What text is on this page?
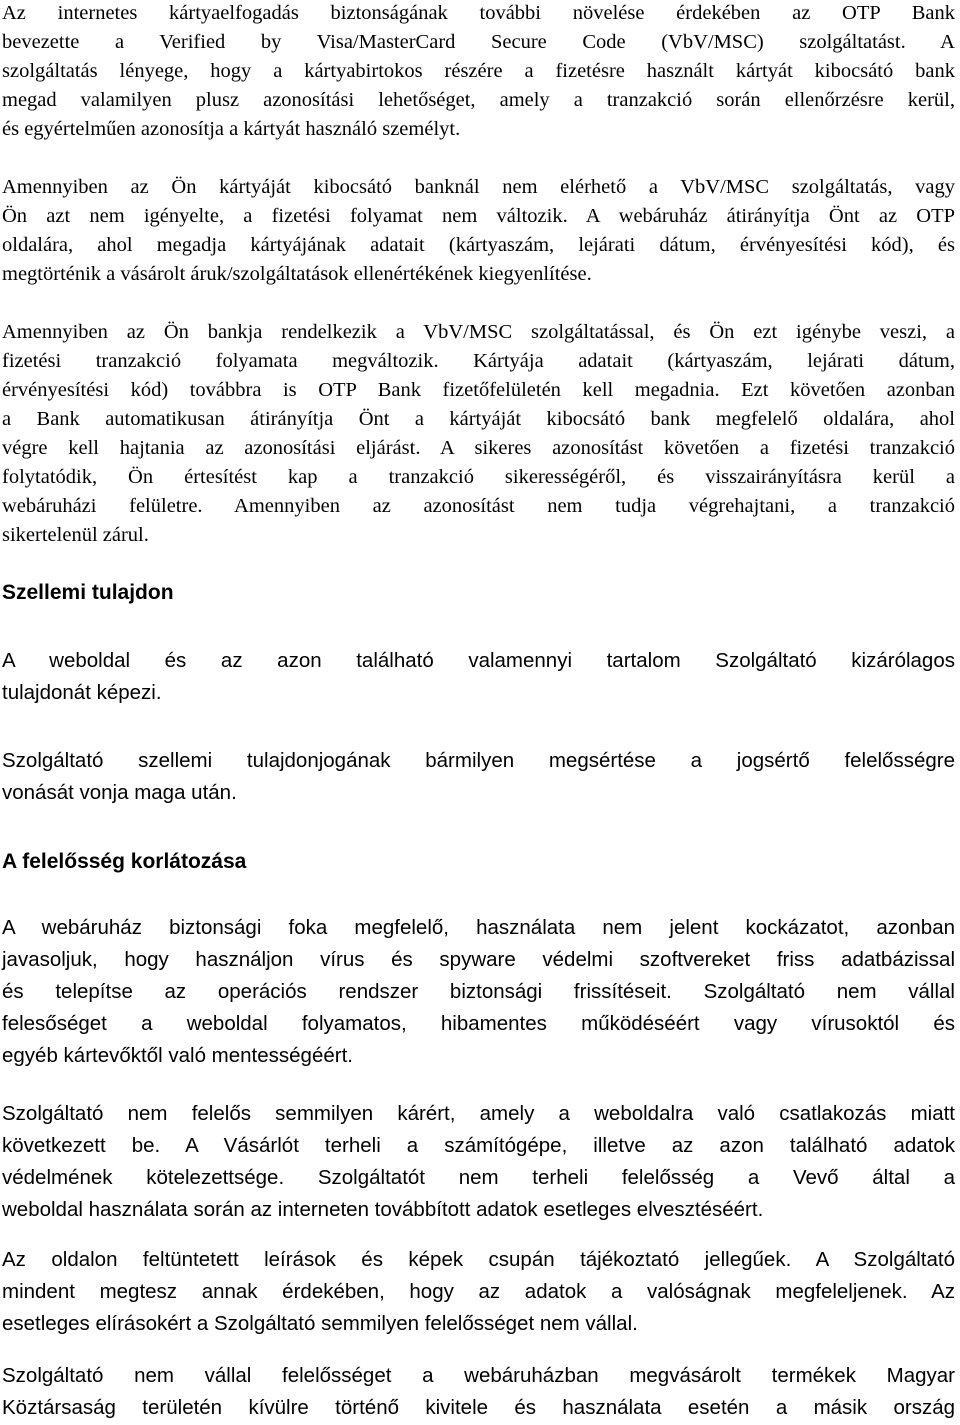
Az internetes kártyaelfogadás biztonságának további növelése érdekében az OTP Bank
bevezette a Verified by Visa/MasterCard Secure Code (VbV/MSC) szolgáltatást. A
szolgáltatás lényege, hogy a kártyabirtokos részére a fizetésre használt kártyát kibocsátó bank
megad valamilyen plusz azonosítási lehetőséget, amely a tranzakció során ellenőrzésre kerül,
és egyértelműen azonosítja a kártyát használó személyt.
Amennyiben az Ön kártyáját kibocsátó banknál nem elérhető a VbV/MSC szolgáltatás, vagy
Ön azt nem igényelte, a fizetési folyamat nem változik. A webáruház átirányítja Önt az OTP
oldalára, ahol megadja kártyájának adatait (kártyaszám, lejárati dátum, érvényesítési kód), és
megtörténik a vásárolt áruk/szolgáltatások ellenértékének kiegyenlítése.
Amennyiben az Ön bankja rendelkezik a VbV/MSC szolgáltatással, és Ön ezt igénybe veszi, a
fizetési tranzakció folyamata megváltozik. Kártyája adatait (kártyaszám, lejárati dátum,
érvényesítési kód) továbbra is OTP Bank fizetőfelületén kell megadnia. Ezt követően azonban
a Bank automatikusan átirányítja Önt a kártyáját kibocsátó bank megfelelő oldalára, ahol
végre kell hajtania az azonosítási eljárást. A sikeres azonosítást követően a fizetési tranzakció
folytatódik, Ön értesítést kap a tranzakció sikerességéről, és visszairányításra kerül a
webáruházi felületre. Amennyiben az azonosítást nem tudja végrehajtani, a tranzakció
sikertelenül zárul.
Szellemi tulajdon
A weboldal és az azon található valamennyi tartalom Szolgáltató kizárólagos
tulajdonát képezi.
Szolgáltató szellemi tulajdonjogának bármilyen megsértése a jogsértő felelősségre
vonását vonja maga után.
A felelősség korlátozása
A webáruház biztonsági foka megfelelő, használata nem jelent kockázatot, azonban
javasoljuk, hogy használjon vírus és spyware védelmi szoftvereket friss adatbázissal
és telepítse az operációs rendszer biztonsági frissítéseit. Szolgáltató nem vállal
felesőséget a weboldal folyamatos, hibamentes működéséért vagy vírusoktól és
egyéb kártevőktől való mentességéért.
Szolgáltató nem felelős semmilyen kárért, amely a weboldalra való csatlakozás miatt
következett be. A Vásárlót terheli a számítógépe, illetve az azon található adatok
védelmének kötelezettsége. Szolgáltatót nem terheli felelősség a Vevő által a
weboldal használata során az interneten továbbított adatok esetleges elvesztéséért.
Az oldalon feltüntetett leírások és képek csupán tájékoztató jellegűek. A Szolgáltató
mindent megtesz annak érdekében, hogy az adatok a valóságnak megfeleljenek. Az
esetleges elírásokért a Szolgáltató semmilyen felelősséget nem vállal.
Szolgáltató nem vállal felelősséget a webáruházban megvásárolt termékek Magyar
Köztársaság területén kívülre történő kivitele és használata esetén a másik ország
